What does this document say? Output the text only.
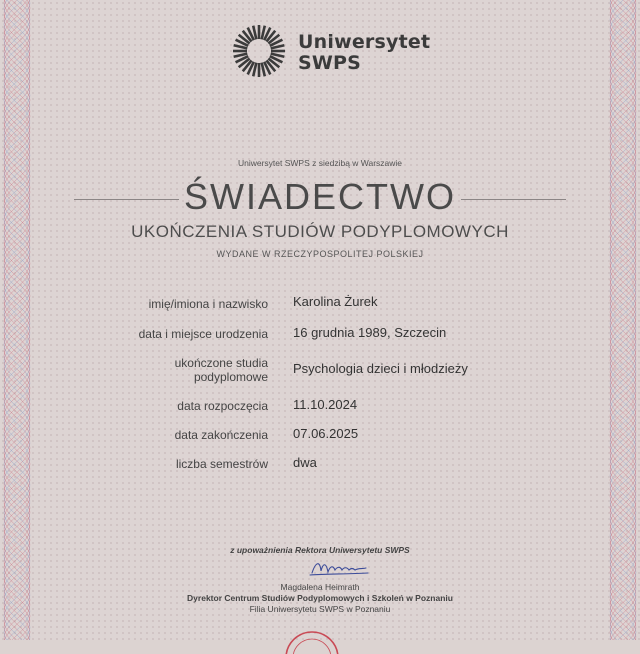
Uniwersytet
SWPS
Uniwersytet SWPS z siedzibą w Warszawie
ŚWIADECTWO
UKOŃCZENIA STUDIÓW PODYPLOMOWYCH
WYDANE W RZECZYPOSPOLITEJ POLSKIEJ
imię/imiona i nazwisko Karolina Żurek
data i miejsce urodzenia 16 grudnia 1989, Szczecin
ukończone studia
podyplomowe
Psychologia dzieci i młodzieży
data rozpoczęcia 11.10.2024
data zakończenia 07.06.2025
liczba semestrów dwa
z upoważnienia Rektora Uniwersytetu SWPS
Magdalena Heimrath
Dyrektor Centrum Studiów Podyplomowych i Szkoleń w Poznaniu
Filia Uniwersytetu SWPS w Poznaniu
